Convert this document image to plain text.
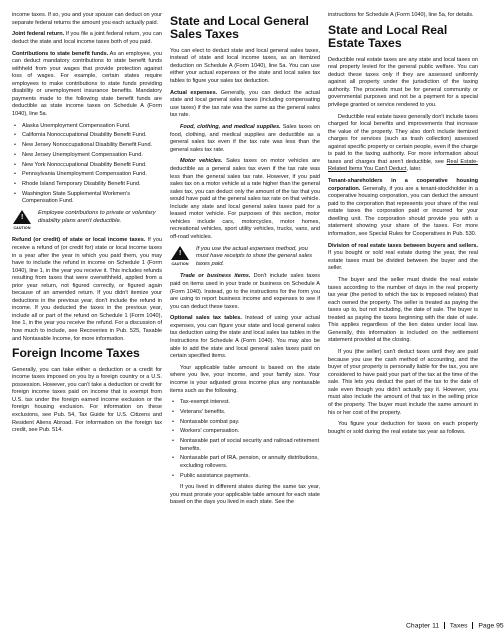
income taxes. If so, you and your spouse can deduct on your separate federal returns the amount you each actually paid.

Joint federal return. If you file a joint federal return, you can deduct the state and local income taxes both of you paid.

Contributions to state benefit funds. As an employee, you can deduct mandatory contributions to state benefit funds withheld from your wages that provide protection against loss of wages. For example, certain states require employees to make contributions to state funds providing disability or unemployment insurance benefits. Mandatory payments made to the following state benefit funds are deductible as state income taxes on Schedule A (Form 1040), line 5a.

• Alaska Unemployment Compensation Fund.
• California Nonoccupational Disability Benefit Fund.
• New Jersey Nonoccupational Disability Benefit Fund.
• New Jersey Unemployment Compensation Fund.
• New York Nonoccupational Disability Benefit Fund.
• Pennsylvania Unemployment Compensation Fund.
• Rhode Island Temporary Disability Benefit Fund.
• Washington State Supplemental Workmen's Compensation Fund.
!
CAUTION
Employee contributions to private or voluntary disability plans aren't deductible.

Refund (or credit) of state or local income taxes. If you receive a refund of (or credit for) state or local income taxes in a year after the year in which you paid them, you may have to include the refund in income on Schedule 1 (Form 1040), line 1, in the year you receive it. This includes refunds resulting from taxes that were overwithheld, applied from a prior year return, not figured correctly, or figured again because of an amended return. If you didn't itemize your deductions in the previous year, don't include the refund in income. If you deducted the taxes in the previous year, include all or part of the refund on Schedule 1 (Form 1040), line 1, in the year you receive the refund. For a discussion of how much to include, see Recoveries in Pub. 525, Taxable and Nontaxable Income, for more information.

Foreign Income Taxes

Generally, you can take either a deduction or a credit for income taxes imposed on you by a foreign country or a U.S. possession. However, you can't take a deduction or credit for foreign income taxes paid on income that is exempt from U.S. tax under the foreign earned income exclusion or the foreign housing exclusion. For information on these exclusions, see Pub. 54, Tax Guide for U.S. Citizens and Resident Aliens Abroad. For information on the foreign tax credit, see Pub. 514.

State and Local General Sales Taxes

You can elect to deduct state and local general sales taxes, instead of state and local income taxes, as an itemized deduction on Schedule A (Form 1040), line 5a. You can use either your actual expenses or the state and local sales tax tables to figure your sales tax deduction.

Actual expenses. Generally, you can deduct the actual state and local general sales taxes (including compensating use taxes) if the tax rate was the same as the general sales tax rate.

Food, clothing, and medical supplies. Sales taxes on food, clothing, and medical supplies are deductible as a general sales tax even if the tax rate was less than the general sales tax rate.

Motor vehicles. Sales taxes on motor vehicles are deductible as a general sales tax even if the tax rate was less than the general sales tax rate. However, if you paid sales tax on a motor vehicle at a rate higher than the general sales tax, you can deduct only the amount of the tax that you would have paid at the general sales tax rate on that vehicle. Include any state and local general sales taxes paid for a leased motor vehicle. For purposes of this section, motor vehicles include cars, motorcycles, motor homes, recreational vehicles, sport utility vehicles, trucks, vans, and off-road vehicles.

!
CAUTION
If you use the actual expenses method, you must have receipts to show the general sales taxes paid.

Trade or business items. Don't include sales taxes paid on items used in your trade or business on Schedule A (Form 1040). Instead, go to the instructions for the form you are using to report business income and expenses to see if you can deduct these taxes.

Optional sales tax tables. Instead of using your actual expenses, you can figure your state and local general sales tax deduction using the state and local sales tax tables in the Instructions for Schedule A (Form 1040). You may also be able to add the state and local general sales taxes paid on certain specified items.

Your applicable table amount is based on the state where you live, your income, and your family size. Your income is your adjusted gross income plus any nontaxable items such as the following.

• Tax-exempt interest.
• Veterans' benefits.
• Nontaxable combat pay.
• Workers' compensation.
• Nontaxable part of social security and railroad retirement benefits.
• Nontaxable part of IRA, pension, or annuity distributions, excluding rollovers.
• Public assistance payments.

If you lived in different states during the same tax year, you must prorate your applicable table amount for each state based on the days you lived in each state. See the

instructions for Schedule A (Form 1040), line 5a, for details.

State and Local Real Estate Taxes

Deductible real estate taxes are any state and local taxes on real property levied for the general public welfare. You can deduct these taxes only if they are assessed uniformly against all property under the jurisdiction of the taxing authority. The proceeds must be for general community or governmental purposes and not be a payment for a special privilege granted or service rendered to you.

Deductible real estate taxes generally don't include taxes charged for local benefits and improvements that increase the value of the property. They also don't include itemized charges for services (such as trash collection) assessed against specific property or certain people, even if the charge is paid to the taxing authority. For more information about taxes and charges that aren't deductible, see Real Estate-Related Items You Can't Deduct, later.

Tenant-shareholders in a cooperative housing corporation. Generally, if you are a tenant-stockholder in a cooperative housing corporation, you can deduct the amount paid to the corporation that represents your share of the real estate taxes the corporation paid or incurred for your dwelling unit. The corporation should provide you with a statement showing your share of the taxes. For more information, see Special Rules for Cooperatives in Pub. 530.

Division of real estate taxes between buyers and sellers. If you bought or sold real estate during the year, the real estate taxes must be divided between the buyer and the seller.

The buyer and the seller must divide the real estate taxes according to the number of days in the real property tax year (the period to which the tax is imposed relates) that each owned the property. The seller is treated as paying the taxes up to, but not including, the date of sale. The buyer is treated as paying the taxes beginning with the date of sale. This applies regardless of the lien dates under local law. Generally, this information is included on the settlement statement provided at the closing.

If you (the seller) can't deduct taxes until they are paid because you use the cash method of accounting, and the buyer of your property is personally liable for the tax, you are considered to have paid your part of the tax at the time of the sale. This lets you deduct the part of the tax to the date of sale even though you didn't actually pay it. However, you must also include the amount of that tax in the selling price of the property. The buyer must include the same amount in his or her cost of the property.

You figure your deduction for taxes on each property bought or sold during the real estate tax year as follows.

Chapter 11 Taxes Page 95
